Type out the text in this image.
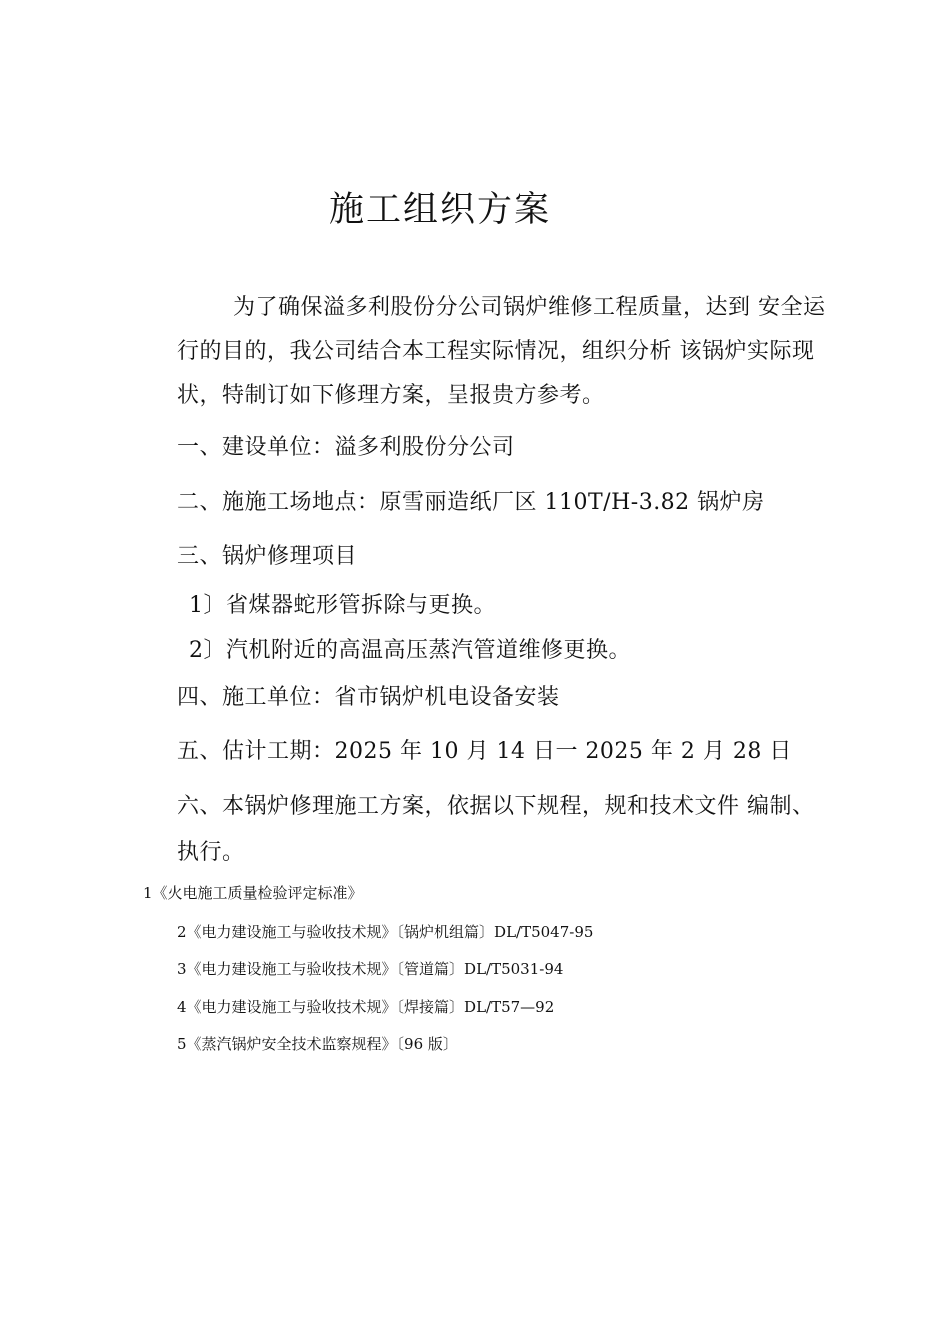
施工组织方案

为了确保溢多利股份分公司锅炉维修工程质量，达到 安全运行的目的，我公司结合本工程实际情况，组织分析 该锅炉实际现状，特制订如下修理方案，呈报贵方参考。

一、建设单位：溢多利股份分公司

二、施施工场地点：原雪丽造纸厂区 110T/H-3.82 锅炉房

三、锅炉修理项目

1〕省煤器蛇形管拆除与更换。

2〕汽机附近的高温高压蒸汽管道维修更换。

四、施工单位：省市锅炉机电设备安装

五、估计工期：2025 年 10 月 14 日一 2025 年 2 月 28 日

六、本锅炉修理施工方案，依据以下规程，规和技术文件 编制、执行。

1《火电施工质量检验评定标准》

2《电力建设施工与验收技术规》〔锅炉机组篇〕DL/T5047-95

3《电力建设施工与验收技术规》〔管道篇〕DL/T5031-94

4《电力建设施工与验收技术规》〔焊接篇〕DL/T57—92

5《蒸汽锅炉安全技术监察规程》〔96 版〕
